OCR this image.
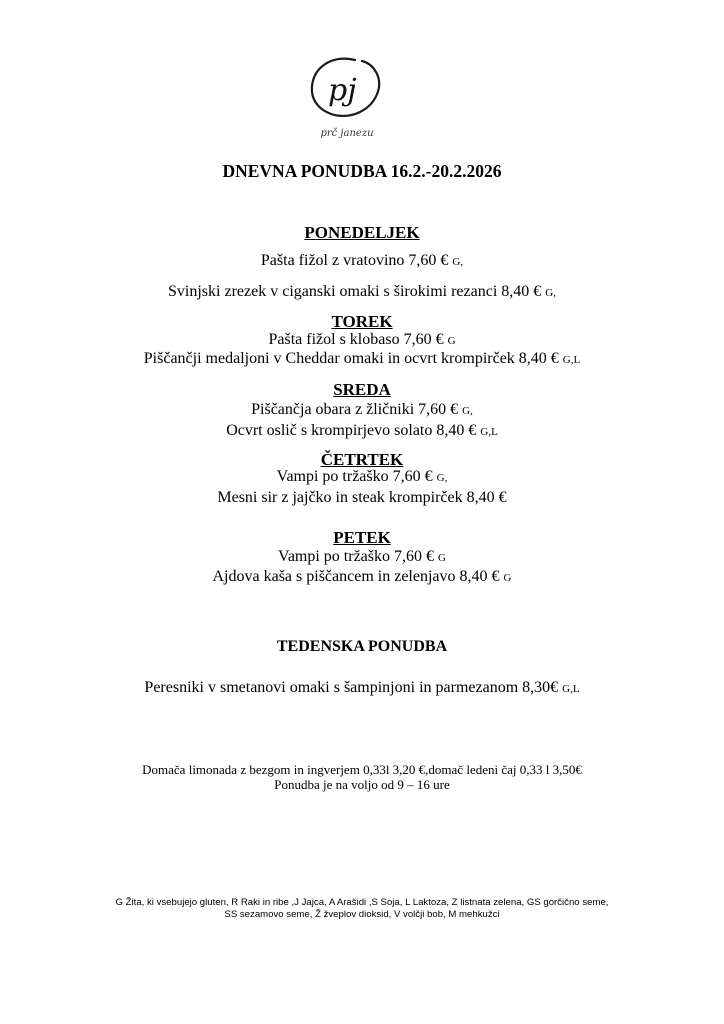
pj
prč janezu
DNEVNA PONUDBA 16.2.-20.2.2026
PONEDELJEK
Pašta fižol z vratovino 7,60 € G,
Svinjski zrezek v ciganski omaki s širokimi rezanci 8,40 € G,
TOREK
Pašta fižol s klobaso 7,60 € G
Piščančji medaljoni v Cheddar omaki in ocvrt krompirček 8,40 € G,L
SREDA
Piščančja obara z žličniki 7,60 € G,
Ocvrt oslič s krompirjevo solato 8,40 € G,L
ČETRTEK
Vampi po tržaško 7,60 € G,
Mesni sir z jajčko in steak krompirček 8,40 €
PETEK
Vampi po tržaško 7,60 € G
Ajdova kaša s piščancem in zelenjavo 8,40 € G
TEDENSKA PONUDBA
Peresniki v smetanovi omaki s šampinjoni in parmezanom 8,30€ G,L
Domača limonada z bezgom in ingverjem 0,33l 3,20 €,domač ledeni čaj 0,33 l 3,50€
Ponudba je na voljo od 9 – 16 ure
G Žita, ki vsebujejo gluten, R Raki in ribe ,J Jajca, A Arašidi ,S Soja, L Laktoza, Z listnata zelena, GS gorčično seme,
SS sezamovo seme, Ž žveplov dioksid, V volčji bob, M mehkužci
